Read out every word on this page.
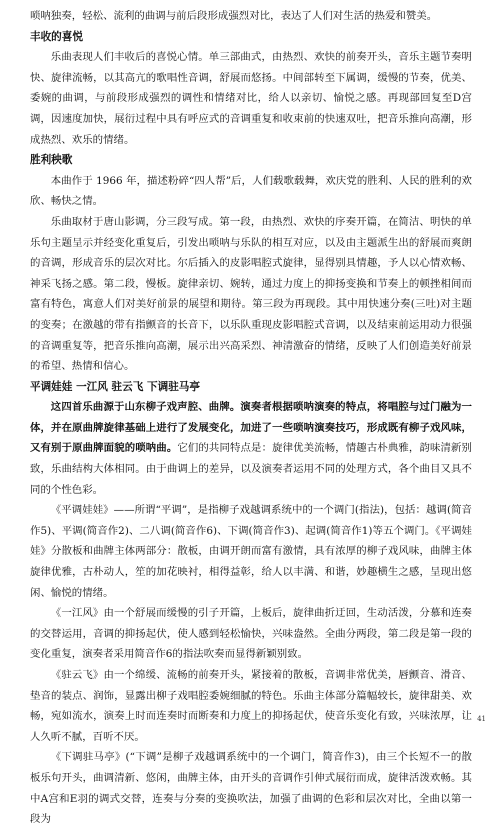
唢呐独奏，轻松、流利的曲调与前后段形成强烈对比，表达了人们对生活的热爱和赞美。

丰收的喜悦

乐曲表现人们丰收后的喜悦心情。单三部曲式，由热烈、欢快的前奏开头，音乐主题节奏明快、旋律流畅，以其高亢的歌唱性音调，舒展而悠扬。中间部转至下属调，缓慢的节奏，优美、委婉的曲调，与前段形成强烈的调性和情绪对比，给人以亲切、愉悦之感。再现部回复至D宫调，因速度加快，展衍过程中具有呼应式的音调重复和收束前的快速双吐，把音乐推向高潮，形成热烈、欢乐的情绪。

胜利秧歌

本曲作于 1966 年，描述粉碎“四人帮”后，人们载歌载舞，欢庆党的胜利、人民的胜利的欢欣、畅快之情。

乐曲取材于唐山影调，分三段写成。第一段，由热烈、欢快的序奏开篇，在简洁、明快的单乐句主题呈示并经变化重复后，引发出唢呐与乐队的相互对应，以及由主题派生出的舒展而爽朗的音调，形成音乐的层次对比。尔后插入的皮影唱腔式旋律，显得别具情趣，予人以心情欢畅、神采飞扬之感。第二段，慢板。旋律亲切、婉转，通过力度上的抑扬变换和节奏上的顿挫相间而富有特色，寓意人们对美好前景的展望和期待。第三段为再现段。其中用快速分奏(三吐)对主题的变奏；在激越的带有指颤音的长音下，以乐队重现皮影唱腔式音调，以及结束前运用动力很强的音调重复等，把音乐推向高潮，展示出兴高采烈、神清激奋的情绪，反映了人们创造美好前景的希望、热情和信心。

平调娃娃 一江风 驻云飞 下调驻马亭

这四首乐曲源于山东柳子戏声腔、曲牌。演奏者根据唢呐演奏的特点，将唱腔与过门融为一体，并在原曲牌旋律基础上进行了发展变化，加进了一些唢呐演奏技巧，形成既有柳子戏风味，又有别于原曲牌面貌的唢呐曲。它们的共同特点是：旋律优美流畅，情趣古朴典雅，韵味清新别致，乐曲结构大体相同。由于曲调上的差异，以及演奏者运用不同的处理方式，各个曲目又具不同的个性色彩。

《平调娃娃》——所谓“平调”，是指柳子戏越调系统中的一个调门(指法)，包括：越调(简音作5)、平调(简音作2)、二八调(简音作6)、下调(简音作3)、起调(简音作1)等五个调门。《平调娃娃》分散板和曲牌主体两部分：散板，由调开朗而富有激情，具有浓厚的柳子戏风味，曲牌主体旋律优雅，古朴动人，笙的加花映衬，相得益彰，给人以丰满、和谐，妙趣横生之感，呈现出悠闲、愉悦的情绪。

《一江风》由一个舒展而缓慢的引子开篇，上板后，旋律曲折迂回，生动活泼，分慕和连奏的交替运用，音调的抑扬起伏，使人感到轻松愉快，兴味盎然。全曲分两段，第二段是第一段的变化重复，演奏者采用简音作6的指法吹奏而显得新颖别致。

《驻云飞》由一个绵缓、流畅的前奏开头，紧接着的散板，音调非常优美，唇颤音、滑音、垫音的装点、润饰，显露出柳子戏唱腔委婉细腻的特色。乐曲主体部分篇幅较长，旋律甜美、欢畅，宛如流水，演奏上时而连奏时而断奏和力度上的抑扬起伏，使音乐变化有致，兴味浓厚，让人久听不腻，百听不厌。

《下调驻马亭》(“下调”是柳子戏越调系统中的一个调门，简音作3)，由三个长短不一的散板乐句开头，曲调清新、悠闲，曲牌主体，由开头的音调作引伸式展衍而成，旋律活泼欢畅。其中A宫和E羽的调式交替，连奏与分奏的变换吹法，加强了曲调的色彩和层次对比，全曲以第一段为

41
